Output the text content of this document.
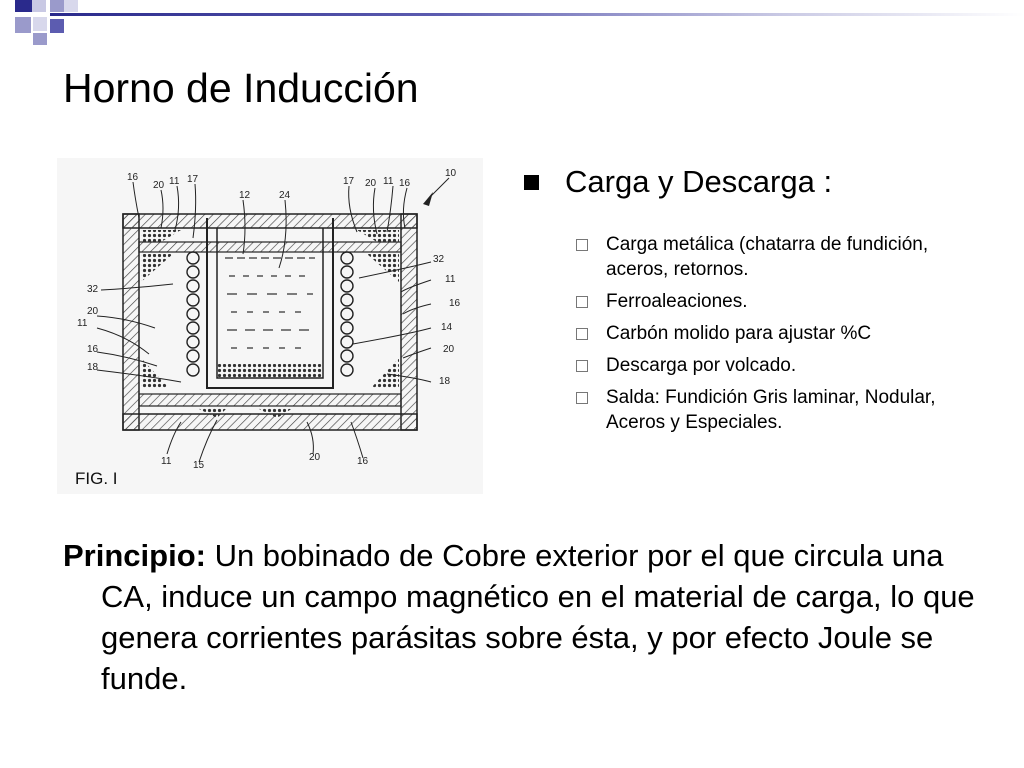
Horno de Inducción
16
20 11 17
12	24
17 20 11 16
10
32
20
11
16
18
32
11
16
14
20
18
11 15
20	16
FIG. I
Carga y Descarga :
Carga metálica (chatarra de fundición, aceros, retornos.
Ferroaleaciones.
Carbón molido para ajustar %C
Descarga por volcado.
Salda: Fundición Gris laminar, Nodular, Aceros y Especiales.
Principio: Un bobinado de Cobre exterior por el que circula una CA, induce un campo magnético en el material de carga, lo que genera corrientes parásitas sobre ésta, y por efecto Joule se funde.
